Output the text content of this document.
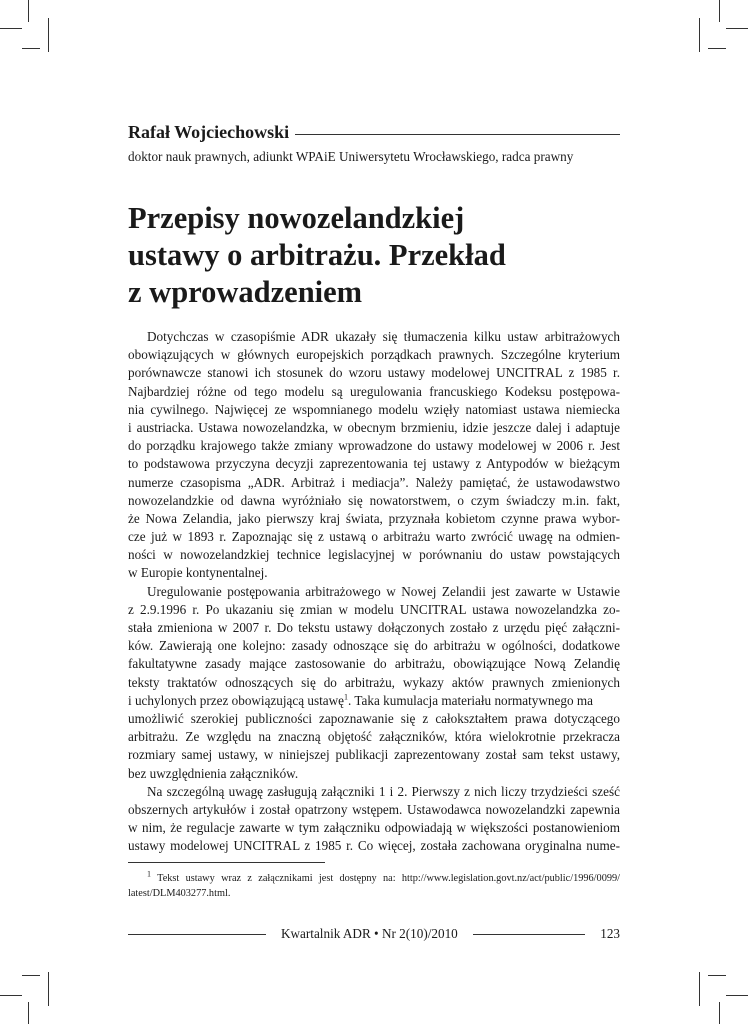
Rafał Wojciechowski
doktor nauk prawnych, adiunkt WPAiE Uniwersytetu Wrocławskiego, radca prawny
Przepisy nowozelandzkiej
ustawy o arbitrażu. Przekład
z wprowadzeniem
Dotychczas w czasopiśmie ADR ukazały się tłumaczenia kilku ustaw arbitrażowych
obowiązujących w głównych europejskich porządkach prawnych. Szczególne kryterium
porównawcze stanowi ich stosunek do wzoru ustawy modelowej UNCITRAL z 1985 r.
Najbardziej różne od tego modelu są uregulowania francuskiego Kodeksu postępowa-
nia cywilnego. Najwięcej ze wspomnianego modelu wzięły natomiast ustawa niemiecka
i austriacka. Ustawa nowozelandzka, w obecnym brzmieniu, idzie jeszcze dalej i adaptuje
do porządku krajowego także zmiany wprowadzone do ustawy modelowej w 2006 r. Jest
to podstawowa przyczyna decyzji zaprezentowania tej ustawy z Antypodów w bieżącym
numerze czasopisma „ADR. Arbitraż i mediacja”. Należy pamiętać, że ustawodawstwo
nowozelandzkie od dawna wyróżniało się nowatorstwem, o czym świadczy m.in. fakt,
że Nowa Zelandia, jako pierwszy kraj świata, przyznała kobietom czynne prawa wybor-
cze już w 1893 r. Zapoznając się z ustawą o arbitrażu warto zwrócić uwagę na odmien-
ności w nowozelandzkiej technice legislacyjnej w porównaniu do ustaw powstających
w Europie kontynentalnej.
Uregulowanie postępowania arbitrażowego w Nowej Zelandii jest zawarte w Ustawie
z 2.9.1996 r. Po ukazaniu się zmian w modelu UNCITRAL ustawa nowozelandzka zo-
stała zmieniona w 2007 r. Do tekstu ustawy dołączonych zostało z urzędu pięć załączni-
ków. Zawierają one kolejno: zasady odnoszące się do arbitrażu w ogólności, dodatkowe
fakultatywne zasady mające zastosowanie do arbitrażu, obowiązujące Nową Zelandię
teksty traktatów odnoszących się do arbitrażu, wykazy aktów prawnych zmienionych
i uchylonych przez obowiązującą ustawę$^1$. Taka kumulacja materiału normatywnego ma
umożliwić szerokiej publiczności zapoznawanie się z całokształtem prawa dotyczącego
arbitrażu. Ze względu na znaczną objętość załączników, która wielokrotnie przekracza
rozmiary samej ustawy, w niniejszej publikacji zaprezentowany został sam tekst ustawy,
bez uwzględnienia załączników.
Na szczególną uwagę zasługują załączniki 1 i 2. Pierwszy z nich liczy trzydzieści sześć
obszernych artykułów i został opatrzony wstępem. Ustawodawca nowozelandzki zapewnia
w nim, że regulacje zawarte w tym załączniku odpowiadają w większości postanowieniom
ustawy modelowej UNCITRAL z 1985 r. Co więcej, została zachowana oryginalna nume-
$^1$ Tekst ustawy wraz z załącznikami jest dostępny na: http://www.legislation.govt.nz/act/public/1996/0099/
latest/DLM403277.html.
Kwartalnik ADR • Nr 2(10)/2010	123
